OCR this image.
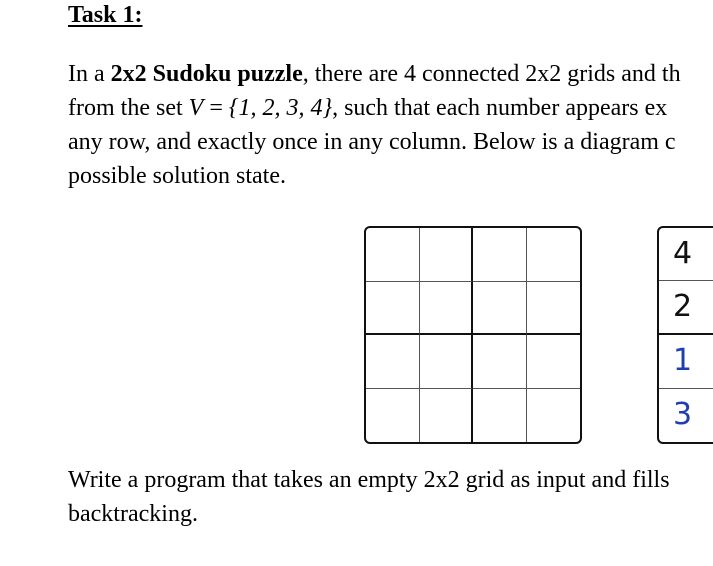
Task 1:
In a 2x2 Sudoku puzzle, there are 4 connected 2x2 grids and th
from the set V = {1, 2, 3, 4}, such that each number appears ex
any row, and exactly once in any column. Below is a diagram c
possible solution state.
4
2
1
3
Write a program that takes an empty 2x2 grid as input and fills
backtracking.
